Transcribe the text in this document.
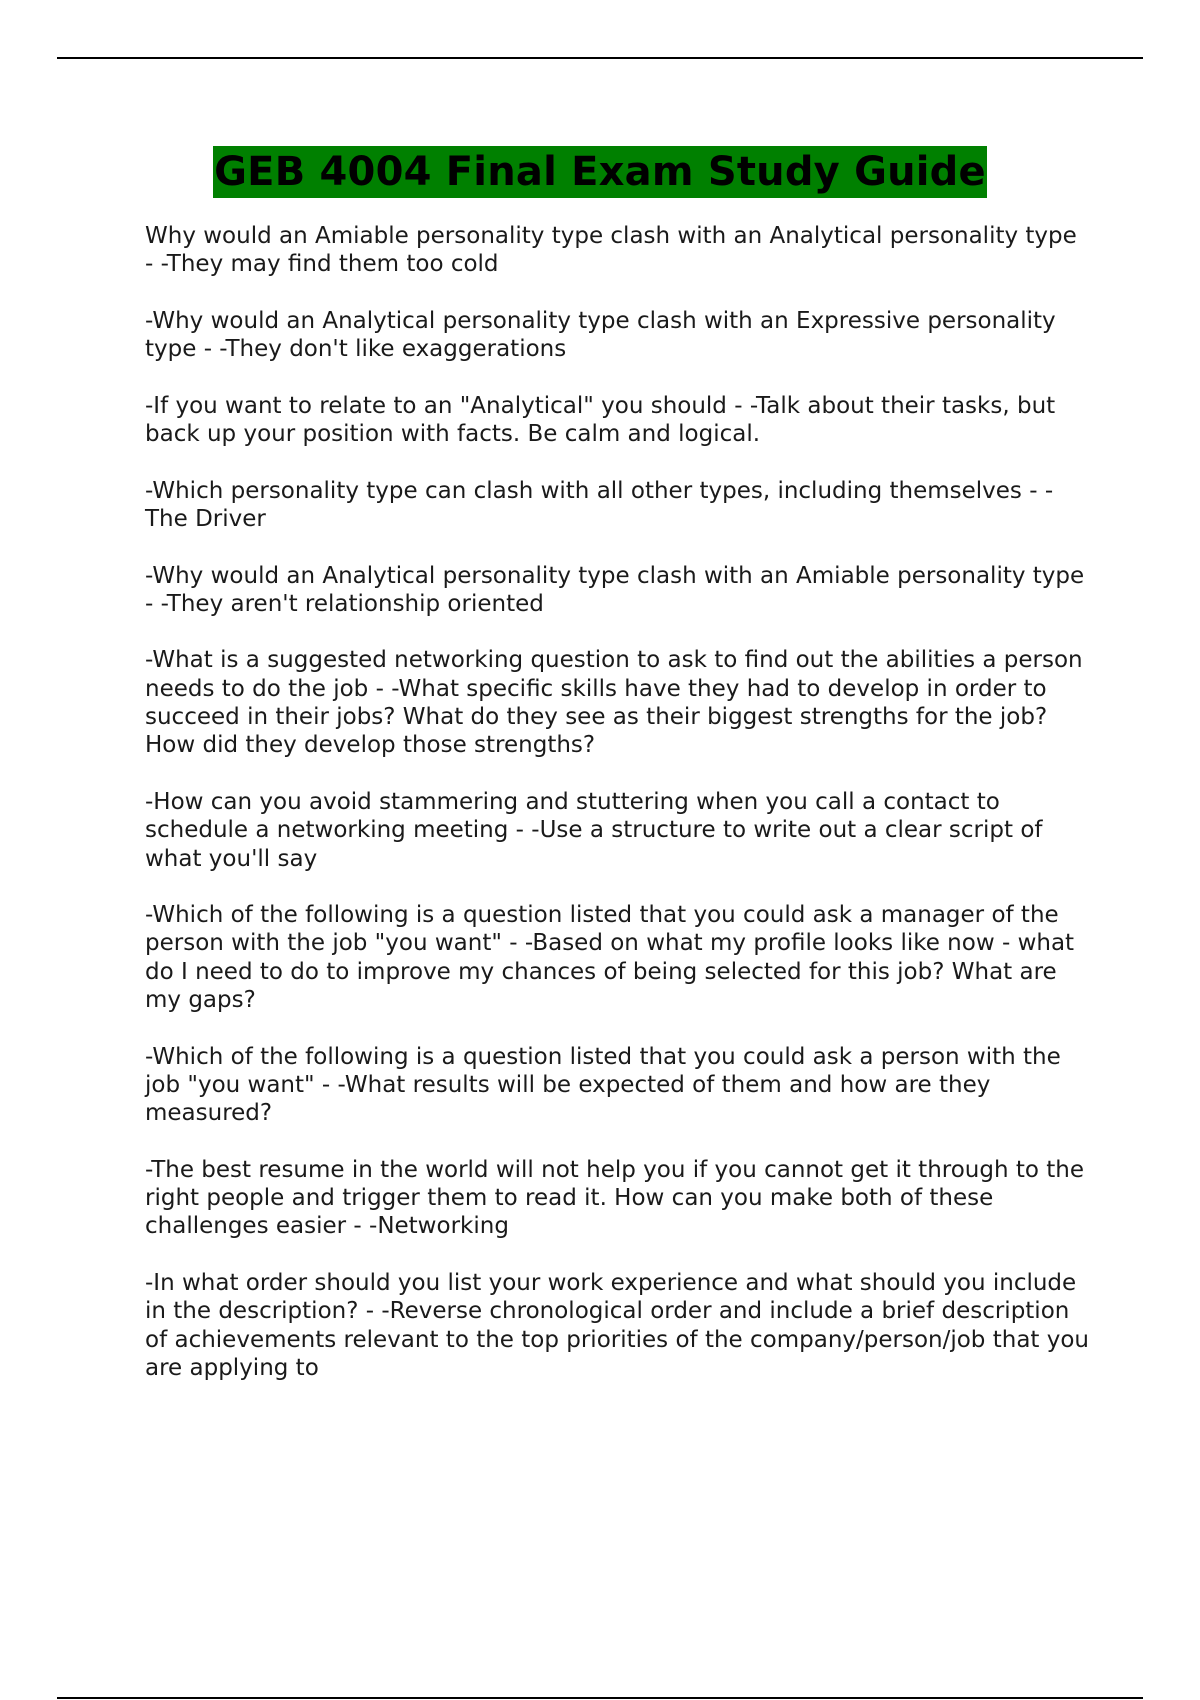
GEB 4004 Final Exam Study Guide
Why would an Amiable personality type clash with an Analytical personality type - -They may find them too cold
-Why would an Analytical personality type clash with an Expressive personality type - -They don't like exaggerations
-If you want to relate to an "Analytical" you should - -Talk about their tasks, but back up your position with facts. Be calm and logical.
-Which personality type can clash with all other types, including themselves - -The Driver
-Why would an Analytical personality type clash with an Amiable personality type - -They aren't relationship oriented
-What is a suggested networking question to ask to find out the abilities a person needs to do the job - -What specific skills have they had to develop in order to succeed in their jobs? What do they see as their biggest strengths for the job? How did they develop those strengths?
-How can you avoid stammering and stuttering when you call a contact to schedule a networking meeting - -Use a structure to write out a clear script of what you'll say
-Which of the following is a question listed that you could ask a manager of the person with the job "you want" - -Based on what my profile looks like now - what do I need to do to improve my chances of being selected for this job? What are my gaps?
-Which of the following is a question listed that you could ask a person with the job "you want" - -What results will be expected of them and how are they measured?
-The best resume in the world will not help you if you cannot get it through to the right people and trigger them to read it. How can you make both of these challenges easier - -Networking
-In what order should you list your work experience and what should you include in the description? - -Reverse chronological order and include a brief description of achievements relevant to the top priorities of the company/person/job that you are applying to
